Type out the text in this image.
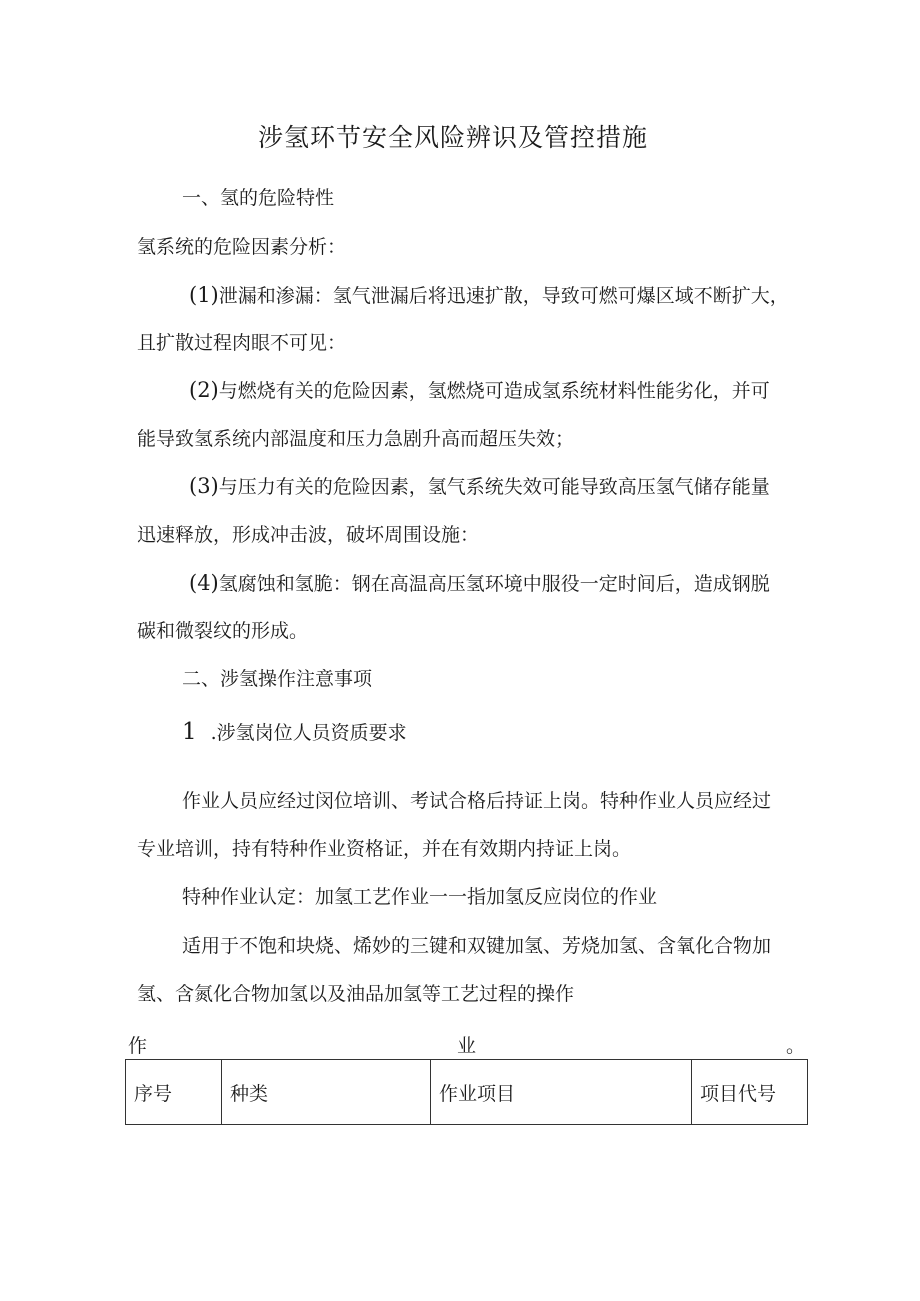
涉氢环节安全风险辨识及管控措施
一、氢的危险特性
氢系统的危险因素分析：
(1)泄漏和渗漏：氢气泄漏后将迅速扩散，导致可燃可爆区域不断扩大，
且扩散过程肉眼不可见：
(2)与燃烧有关的危险因素，氢燃烧可造成氢系统材料性能劣化，并可
能导致氢系统内部温度和压力急剧升高而超压失效；
(3)与压力有关的危险因素，氢气系统失效可能导致高压氢气储存能量
迅速释放，形成冲击波，破坏周围设施：
(4)氢腐蚀和氢脆：钢在高温高压氢环境中服役一定时间后，造成钢脱
碳和微裂纹的形成。
二、涉氢操作注意事项
1 .涉氢岗位人员资质要求
作业人员应经过闵位培训、考试合格后持证上岗。特种作业人员应经过
专业培训，持有特种作业资格证，并在有效期内持证上岗。
特种作业认定：加氢工艺作业一一指加氢反应岗位的作业
适用于不饱和块烧、烯妙的三键和双键加氢、芳烧加氢、含氧化合物加
氢、含氮化合物加氢以及油品加氢等工艺过程的操作
作	业	。
序号	种类	作业项目	项目代号
